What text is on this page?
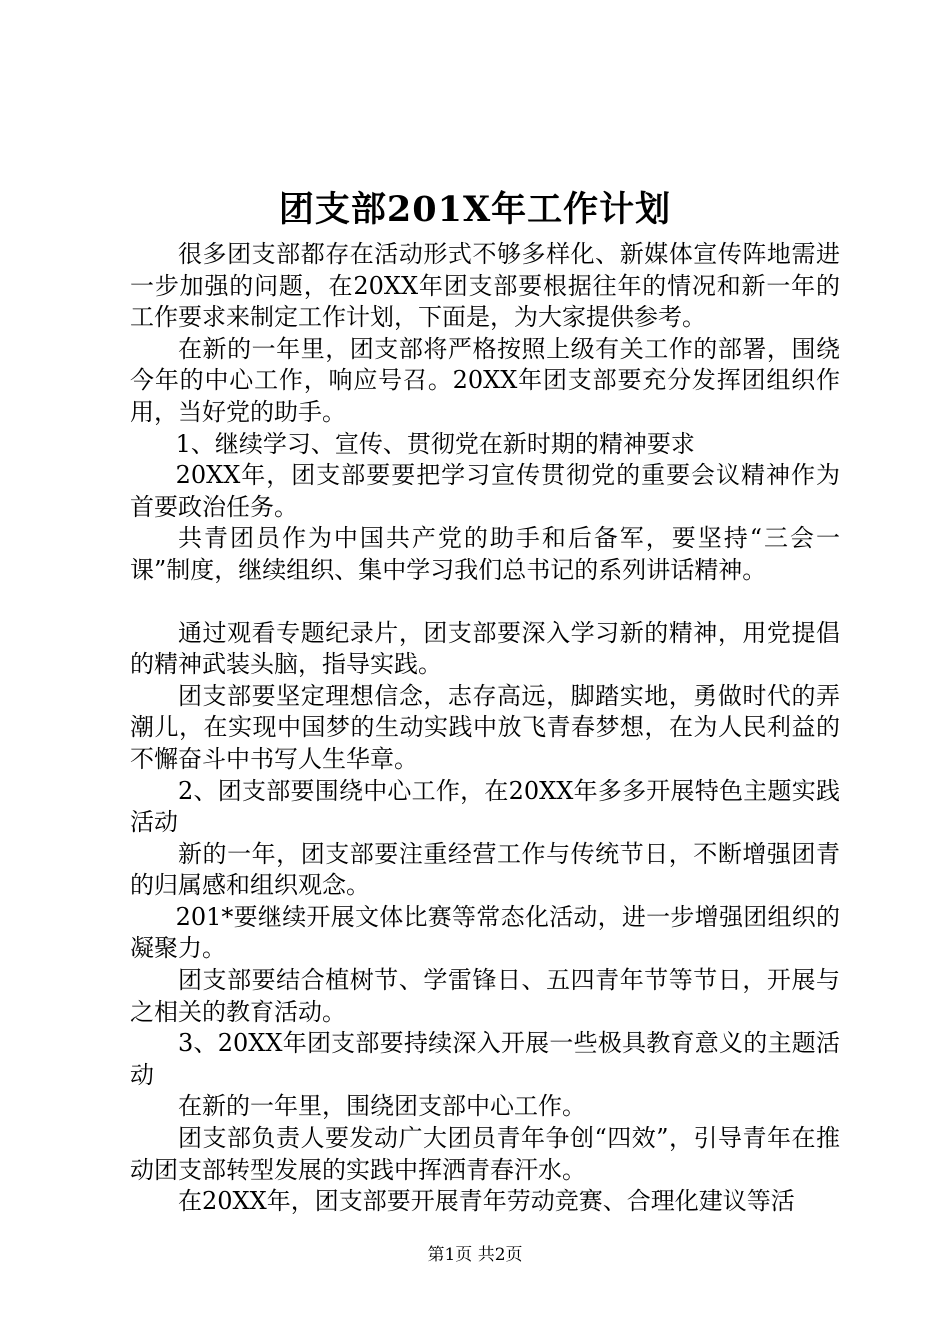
团支部201X年工作计划

很多团支部都存在活动形式不够多样化、新媒体宣传阵地需进一步加强的问题，在20XX年团支部要根据往年的情况和新一年的工作要求来制定工作计划，下面是，为大家提供参考。

在新的一年里，团支部将严格按照上级有关工作的部署，围绕今年的中心工作，响应号召。20XX年团支部要充分发挥团组织作用，当好党的助手。

1、继续学习、宣传、贯彻党在新时期的精神要求

20XX年，团支部要要把学习宣传贯彻党的重要会议精神作为首要政治任务。

共青团员作为中国共产党的助手和后备军，要坚持“三会一课”制度，继续组织、集中学习我们总书记的系列讲话精神。

通过观看专题纪录片，团支部要深入学习新的精神，用党提倡的精神武装头脑，指导实践。

团支部要坚定理想信念，志存高远，脚踏实地，勇做时代的弄潮儿，在实现中国梦的生动实践中放飞青春梦想，在为人民利益的不懈奋斗中书写人生华章。

2、团支部要围绕中心工作，在20XX年多多开展特色主题实践活动

新的一年，团支部要注重经营工作与传统节日，不断增强团青的归属感和组织观念。

201*要继续开展文体比赛等常态化活动，进一步增强团组织的凝聚力。

团支部要结合植树节、学雷锋日、五四青年节等节日，开展与之相关的教育活动。

3、20XX年团支部要持续深入开展一些极具教育意义的主题活动

在新的一年里，围绕团支部中心工作。

团支部负责人要发动广大团员青年争创“四效”，引导青年在推动团支部转型发展的实践中挥洒青春汗水。

在20XX年，团支部要开展青年劳动竞赛、合理化建议等活

第1页 共2页
